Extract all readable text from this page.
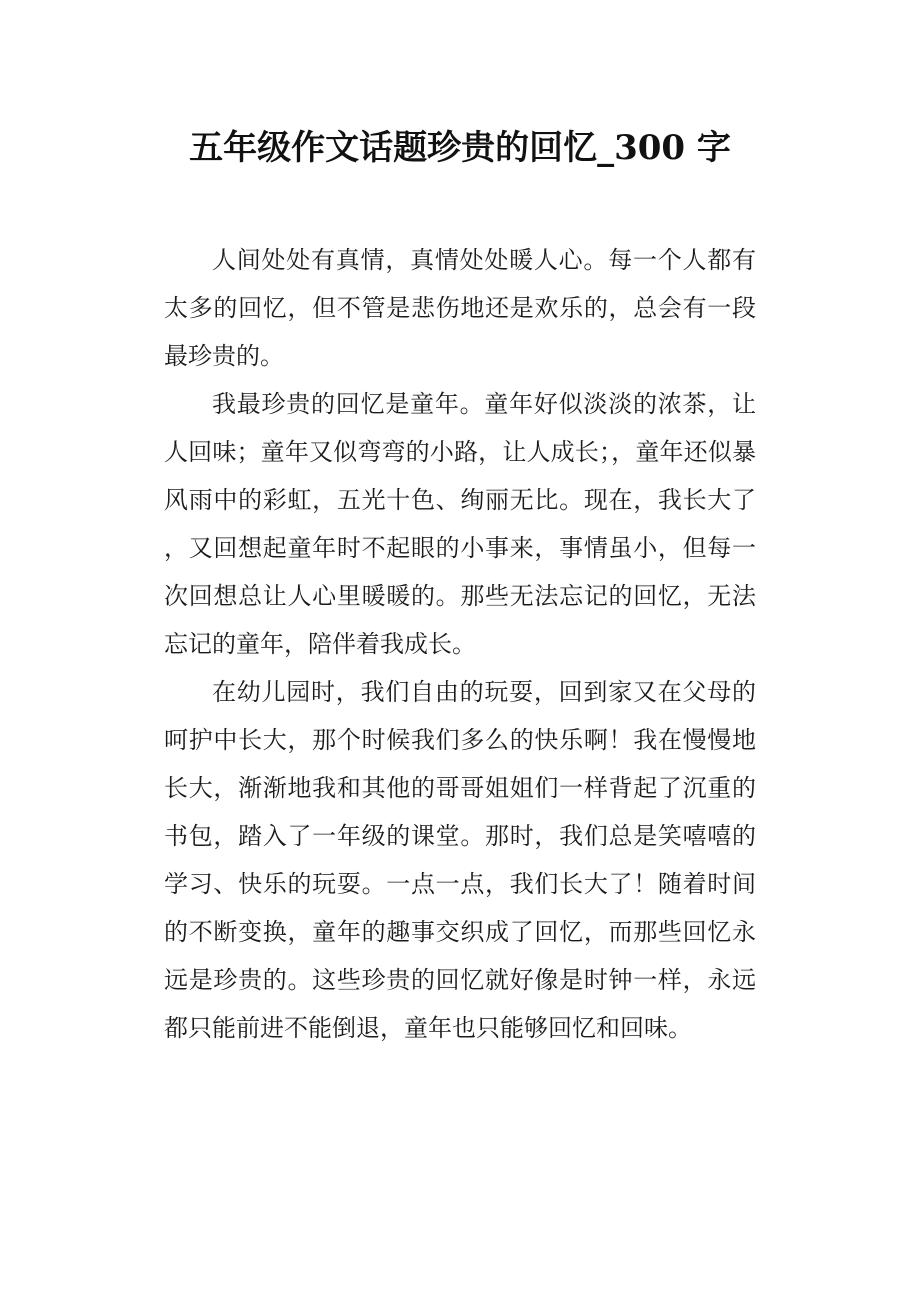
五年级作文话题珍贵的回忆_300 字

人间处处有真情，真情处处暖人心。每一个人都有太多的回忆，但不管是悲伤地还是欢乐的，总会有一段最珍贵的。

我最珍贵的回忆是童年。童年好似淡淡的浓茶，让人回味；童年又似弯弯的小路，让人成长；，童年还似暴风雨中的彩虹，五光十色、绚丽无比。现在，我长大了，又回想起童年时不起眼的小事来，事情虽小，但每一次回想总让人心里暖暖的。那些无法忘记的回忆，无法忘记的童年，陪伴着我成长。

在幼儿园时，我们自由的玩耍，回到家又在父母的呵护中长大，那个时候我们多么的快乐啊！我在慢慢地长大，渐渐地我和其他的哥哥姐姐们一样背起了沉重的书包，踏入了一年级的课堂。那时，我们总是笑嘻嘻的学习、快乐的玩耍。一点一点，我们长大了！随着时间的不断变换，童年的趣事交织成了回忆，而那些回忆永远是珍贵的。这些珍贵的回忆就好像是时钟一样，永远都只能前进不能倒退，童年也只能够回忆和回味。
